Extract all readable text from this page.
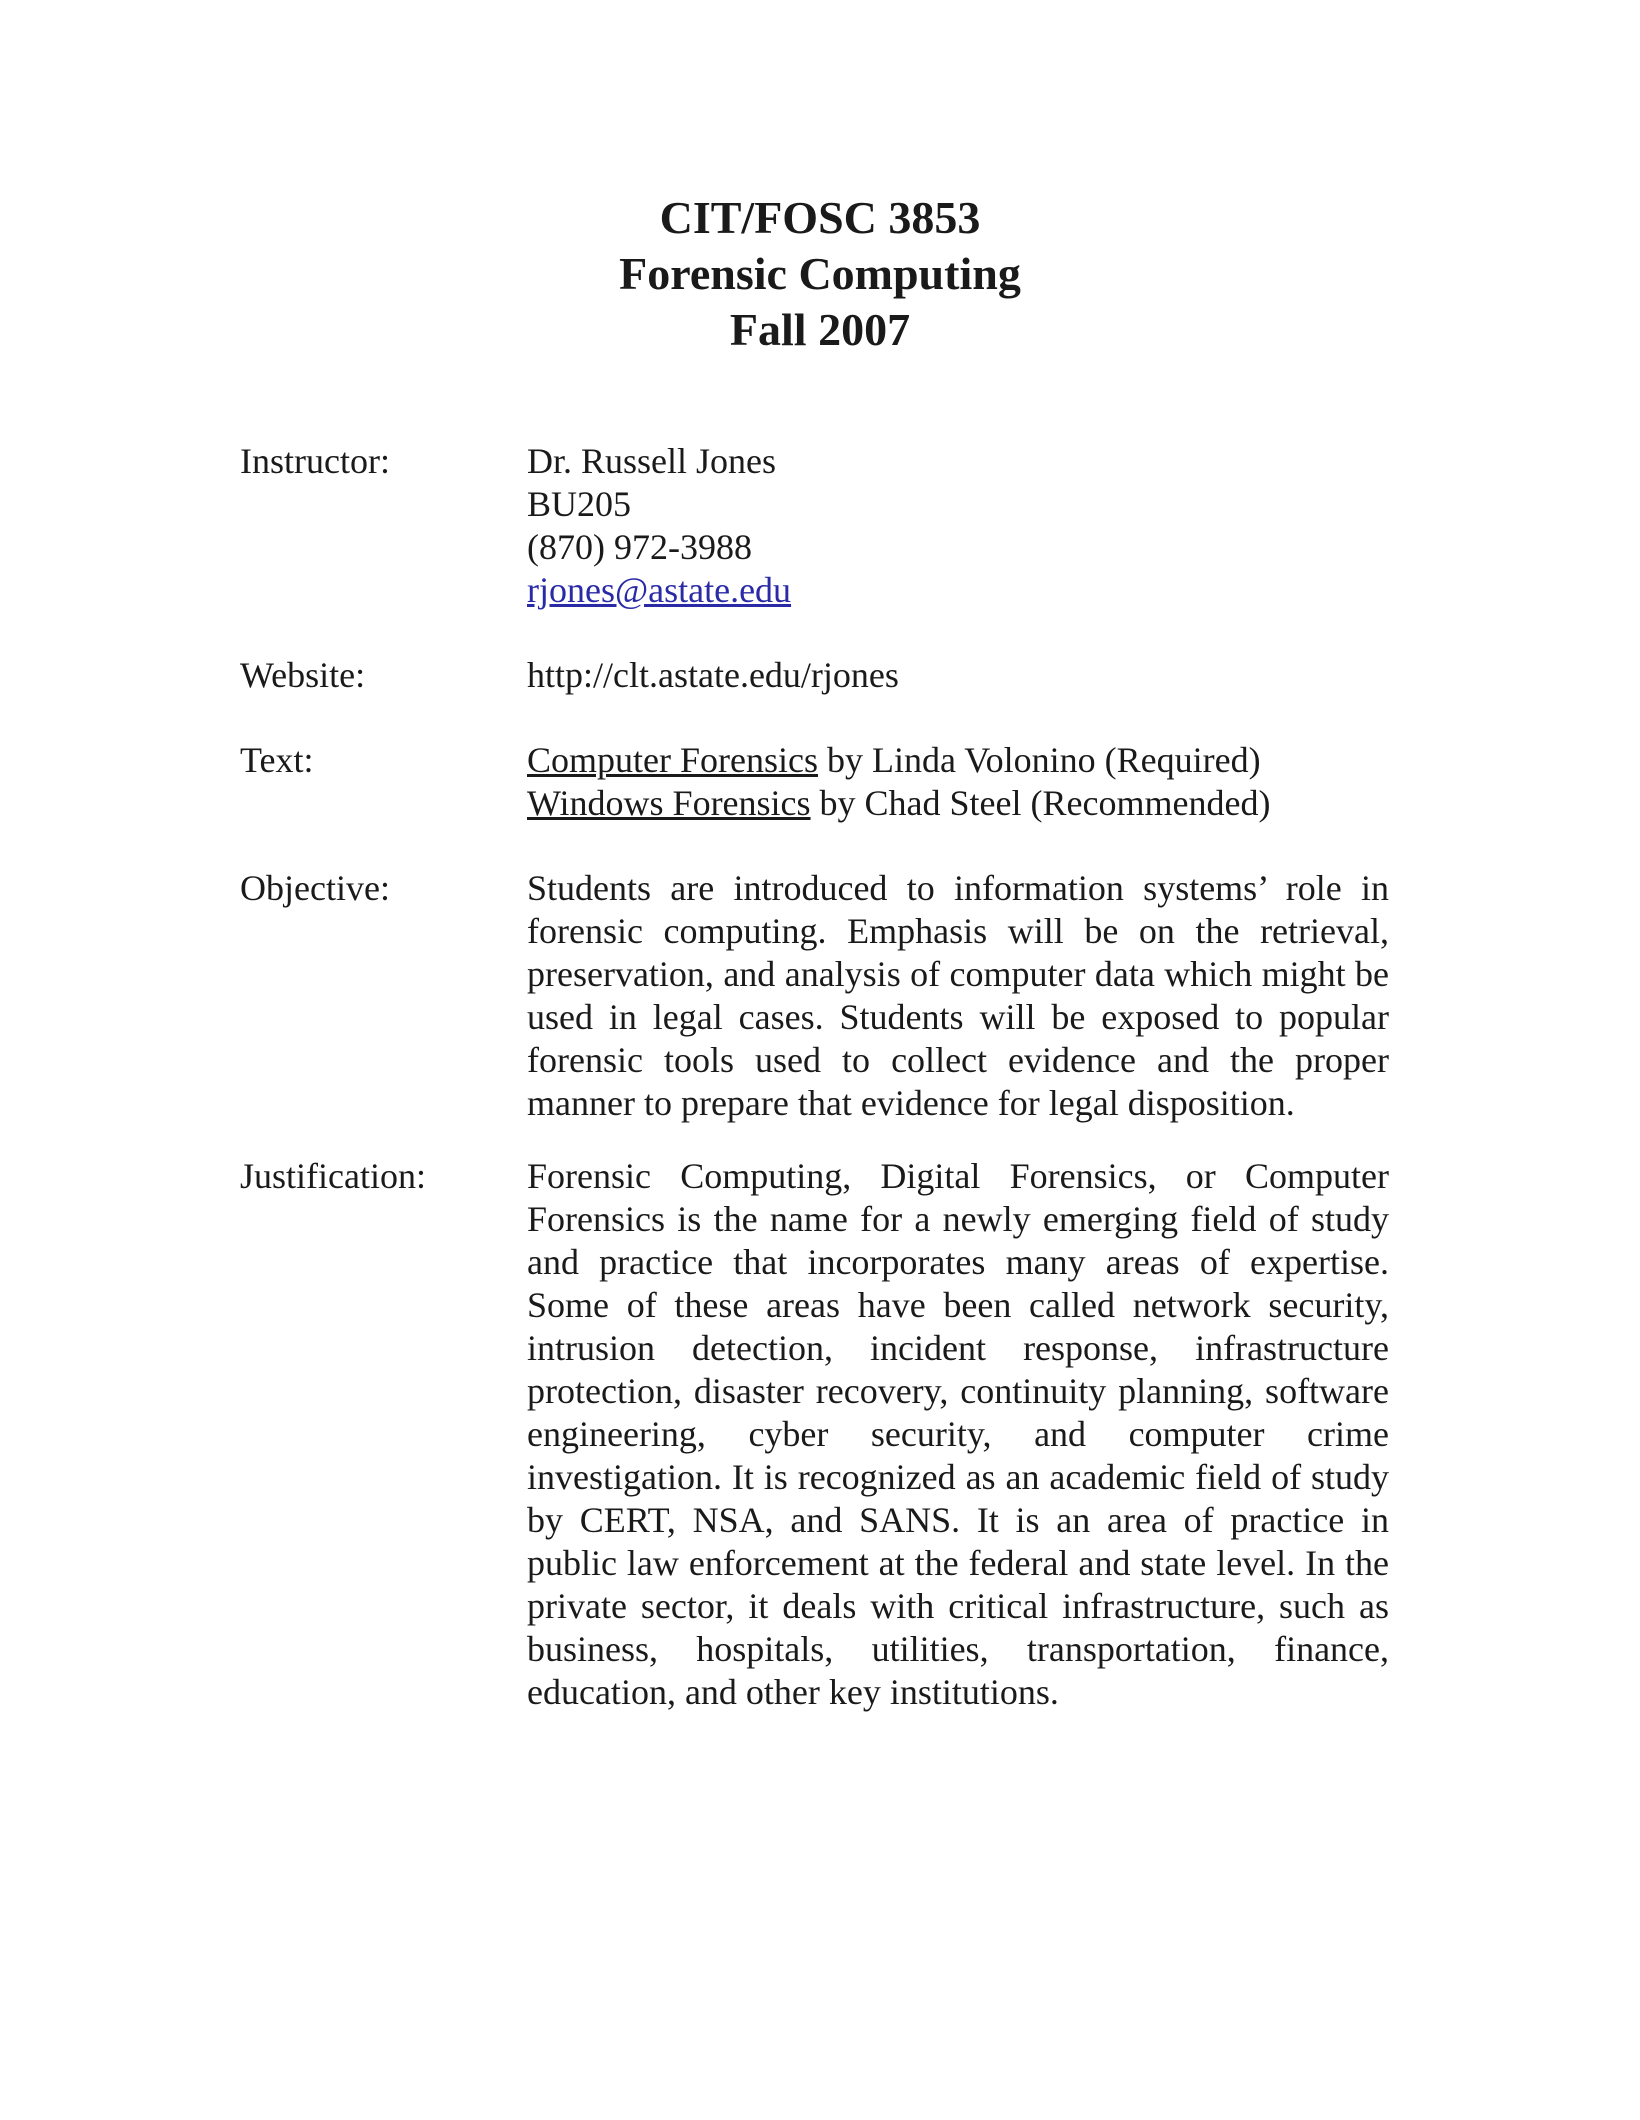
CIT/FOSC 3853
Forensic Computing
Fall 2007
Instructor:	Dr. Russell Jones
BU205
(870) 972-3988
rjones@astate.edu
Website:	http://clt.astate.edu/rjones
Text:	Computer Forensics by Linda Volonino (Required)
Windows Forensics by Chad Steel (Recommended)
Objective:	Students are introduced to information systems’ role in forensic computing. Emphasis will be on the retrieval, preservation, and analysis of computer data which might be used in legal cases. Students will be exposed to popular forensic tools used to collect evidence and the proper manner to prepare that evidence for legal disposition.
Justification:	Forensic Computing, Digital Forensics, or Computer Forensics is the name for a newly emerging field of study and practice that incorporates many areas of expertise. Some of these areas have been called network security, intrusion detection, incident response, infrastructure protection, disaster recovery, continuity planning, software engineering, cyber security, and computer crime investigation. It is recognized as an academic field of study by CERT, NSA, and SANS. It is an area of practice in public law enforcement at the federal and state level. In the private sector, it deals with critical infrastructure, such as business, hospitals, utilities, transportation, finance, education, and other key institutions.
